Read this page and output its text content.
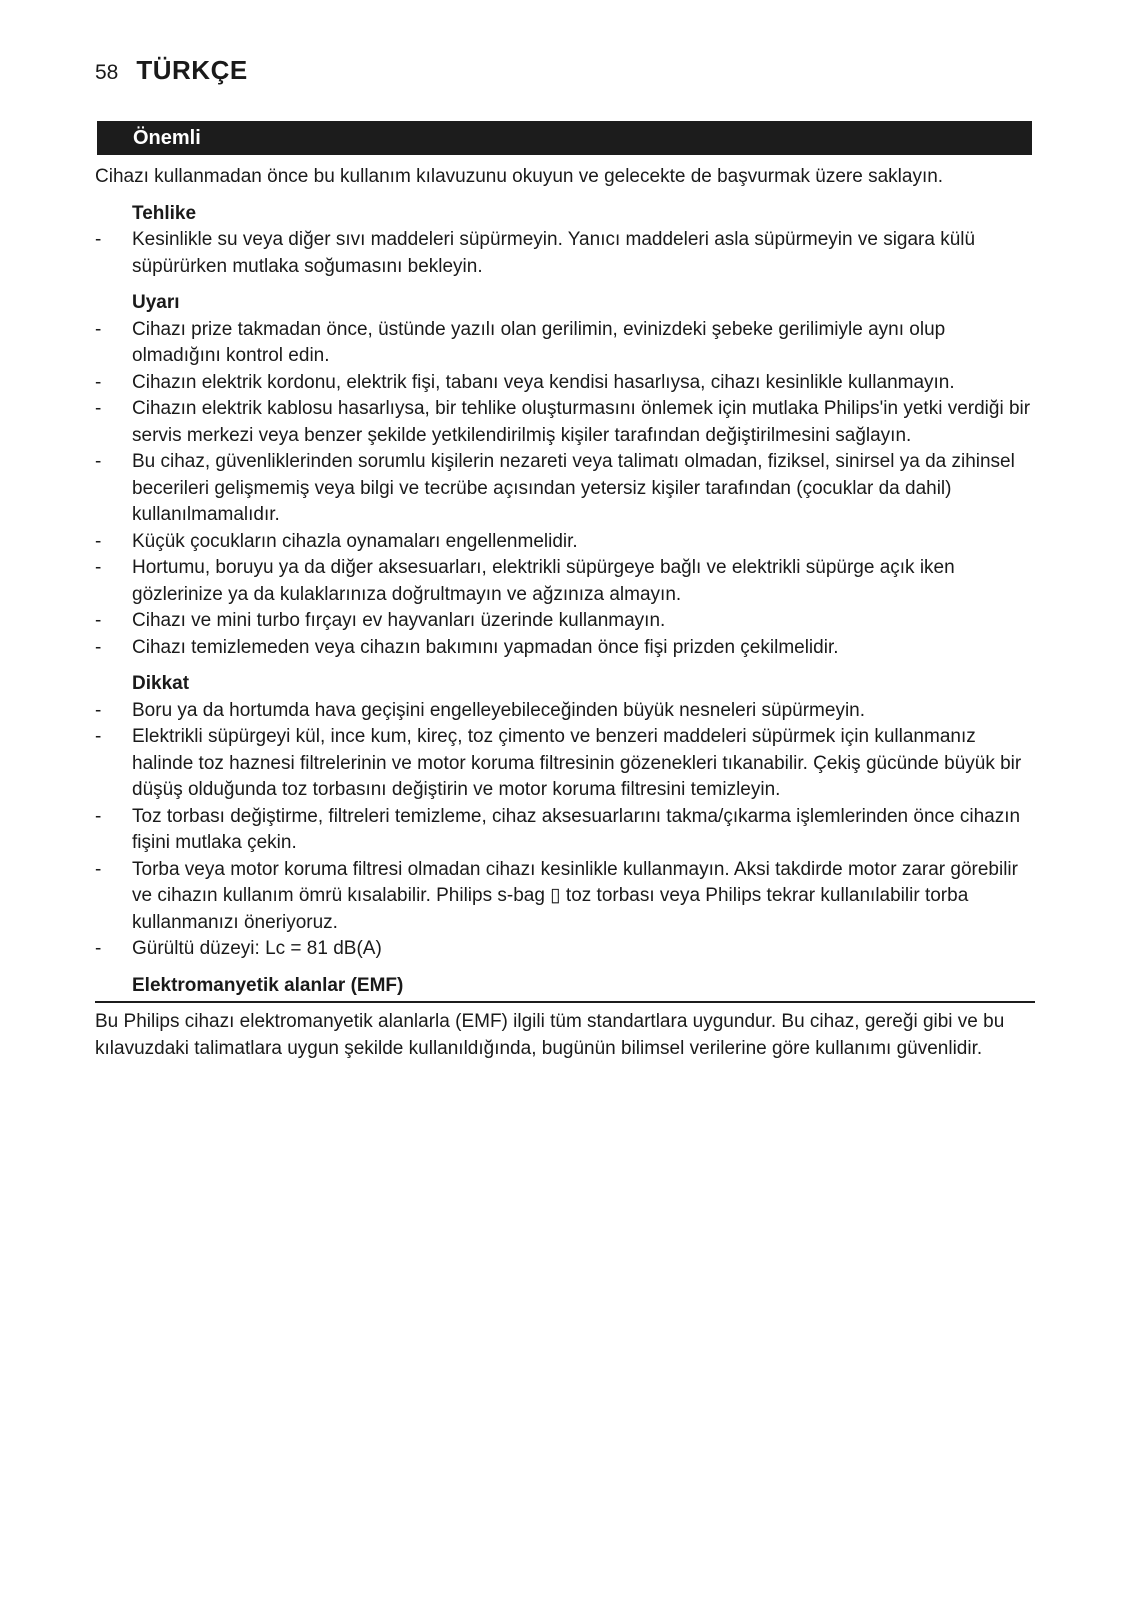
58 TÜRKÇE
Önemli

Cihazı kullanmadan önce bu kullanım kılavuzunu okuyun ve gelecekte de başvurmak üzere saklayın.

Tehlike

-	Kesinlikle su veya diğer sıvı maddeleri süpürmeyin. Yanıcı maddeleri asla süpürmeyin ve sigara külü süpürürken mutlaka soğumasını bekleyin.

Uyarı

-	Cihazı prize takmadan önce, üstünde yazılı olan gerilimin, evinizdeki şebeke gerilimiyle aynı olup olmadığını kontrol edin.
-	Cihazın elektrik kordonu, elektrik fişi, tabanı veya kendisi hasarlıysa, cihazı kesinlikle kullanmayın.
-	Cihazın elektrik kablosu hasarlıysa, bir tehlike oluşturmasını önlemek için mutlaka Philips'in yetki verdiği bir servis merkezi veya benzer şekilde yetkilendirilmiş kişiler tarafından değiştirilmesini sağlayın.
-	Bu cihaz, güvenliklerinden sorumlu kişilerin nezareti veya talimatı olmadan, fiziksel, sinirsel ya da zihinsel becerileri gelişmemiş veya bilgi ve tecrübe açısından yetersiz kişiler tarafından (çocuklar da dahil) kullanılmamalıdır.
-	Küçük çocukların cihazla oynamaları engellenmelidir.
-	Hortumu, boruyu ya da diğer aksesuarları, elektrikli süpürgeye bağlı ve elektrikli süpürge açık iken gözlerinize ya da kulaklarınıza doğrultmayın ve ağzınıza almayın.
-	Cihazı ve mini turbo fırçayı ev hayvanları üzerinde kullanmayın.
-	Cihazı temizlemeden veya cihazın bakımını yapmadan önce fişi prizden çekilmelidir.

Dikkat

-	Boru ya da hortumda hava geçişini engelleyebileceğinden büyük nesneleri süpürmeyin.
-	Elektrikli süpürgeyi kül, ince kum, kireç, toz çimento ve benzeri maddeleri süpürmek için kullanmanız halinde toz haznesi filtrelerinin ve motor koruma filtresinin gözenekleri tıkanabilir. Çekiş gücünde büyük bir düşüş olduğunda toz torbasını değiştirin ve motor koruma filtresini temizleyin.
-	Toz torbası değiştirme, filtreleri temizleme, cihaz aksesuarlarını takma/çıkarma işlemlerinden önce cihazın fişini mutlaka çekin.
-	Torba veya motor koruma filtresi olmadan cihazı kesinlikle kullanmayın. Aksi takdirde motor zarar görebilir ve cihazın kullanım ömrü kısalabilir. Philips s-bag ▯ toz torbası veya Philips tekrar kullanılabilir torba kullanmanızı öneriyoruz.
-	Gürültü düzeyi: Lc = 81 dB(A)

Elektromanyetik alanlar (EMF)

Bu Philips cihazı elektromanyetik alanlarla (EMF) ilgili tüm standartlara uygundur. Bu cihaz, gereği gibi ve bu kılavuzdaki talimatlara uygun şekilde kullanıldığında, bugünün bilimsel verilerine göre kullanımı güvenlidir.
